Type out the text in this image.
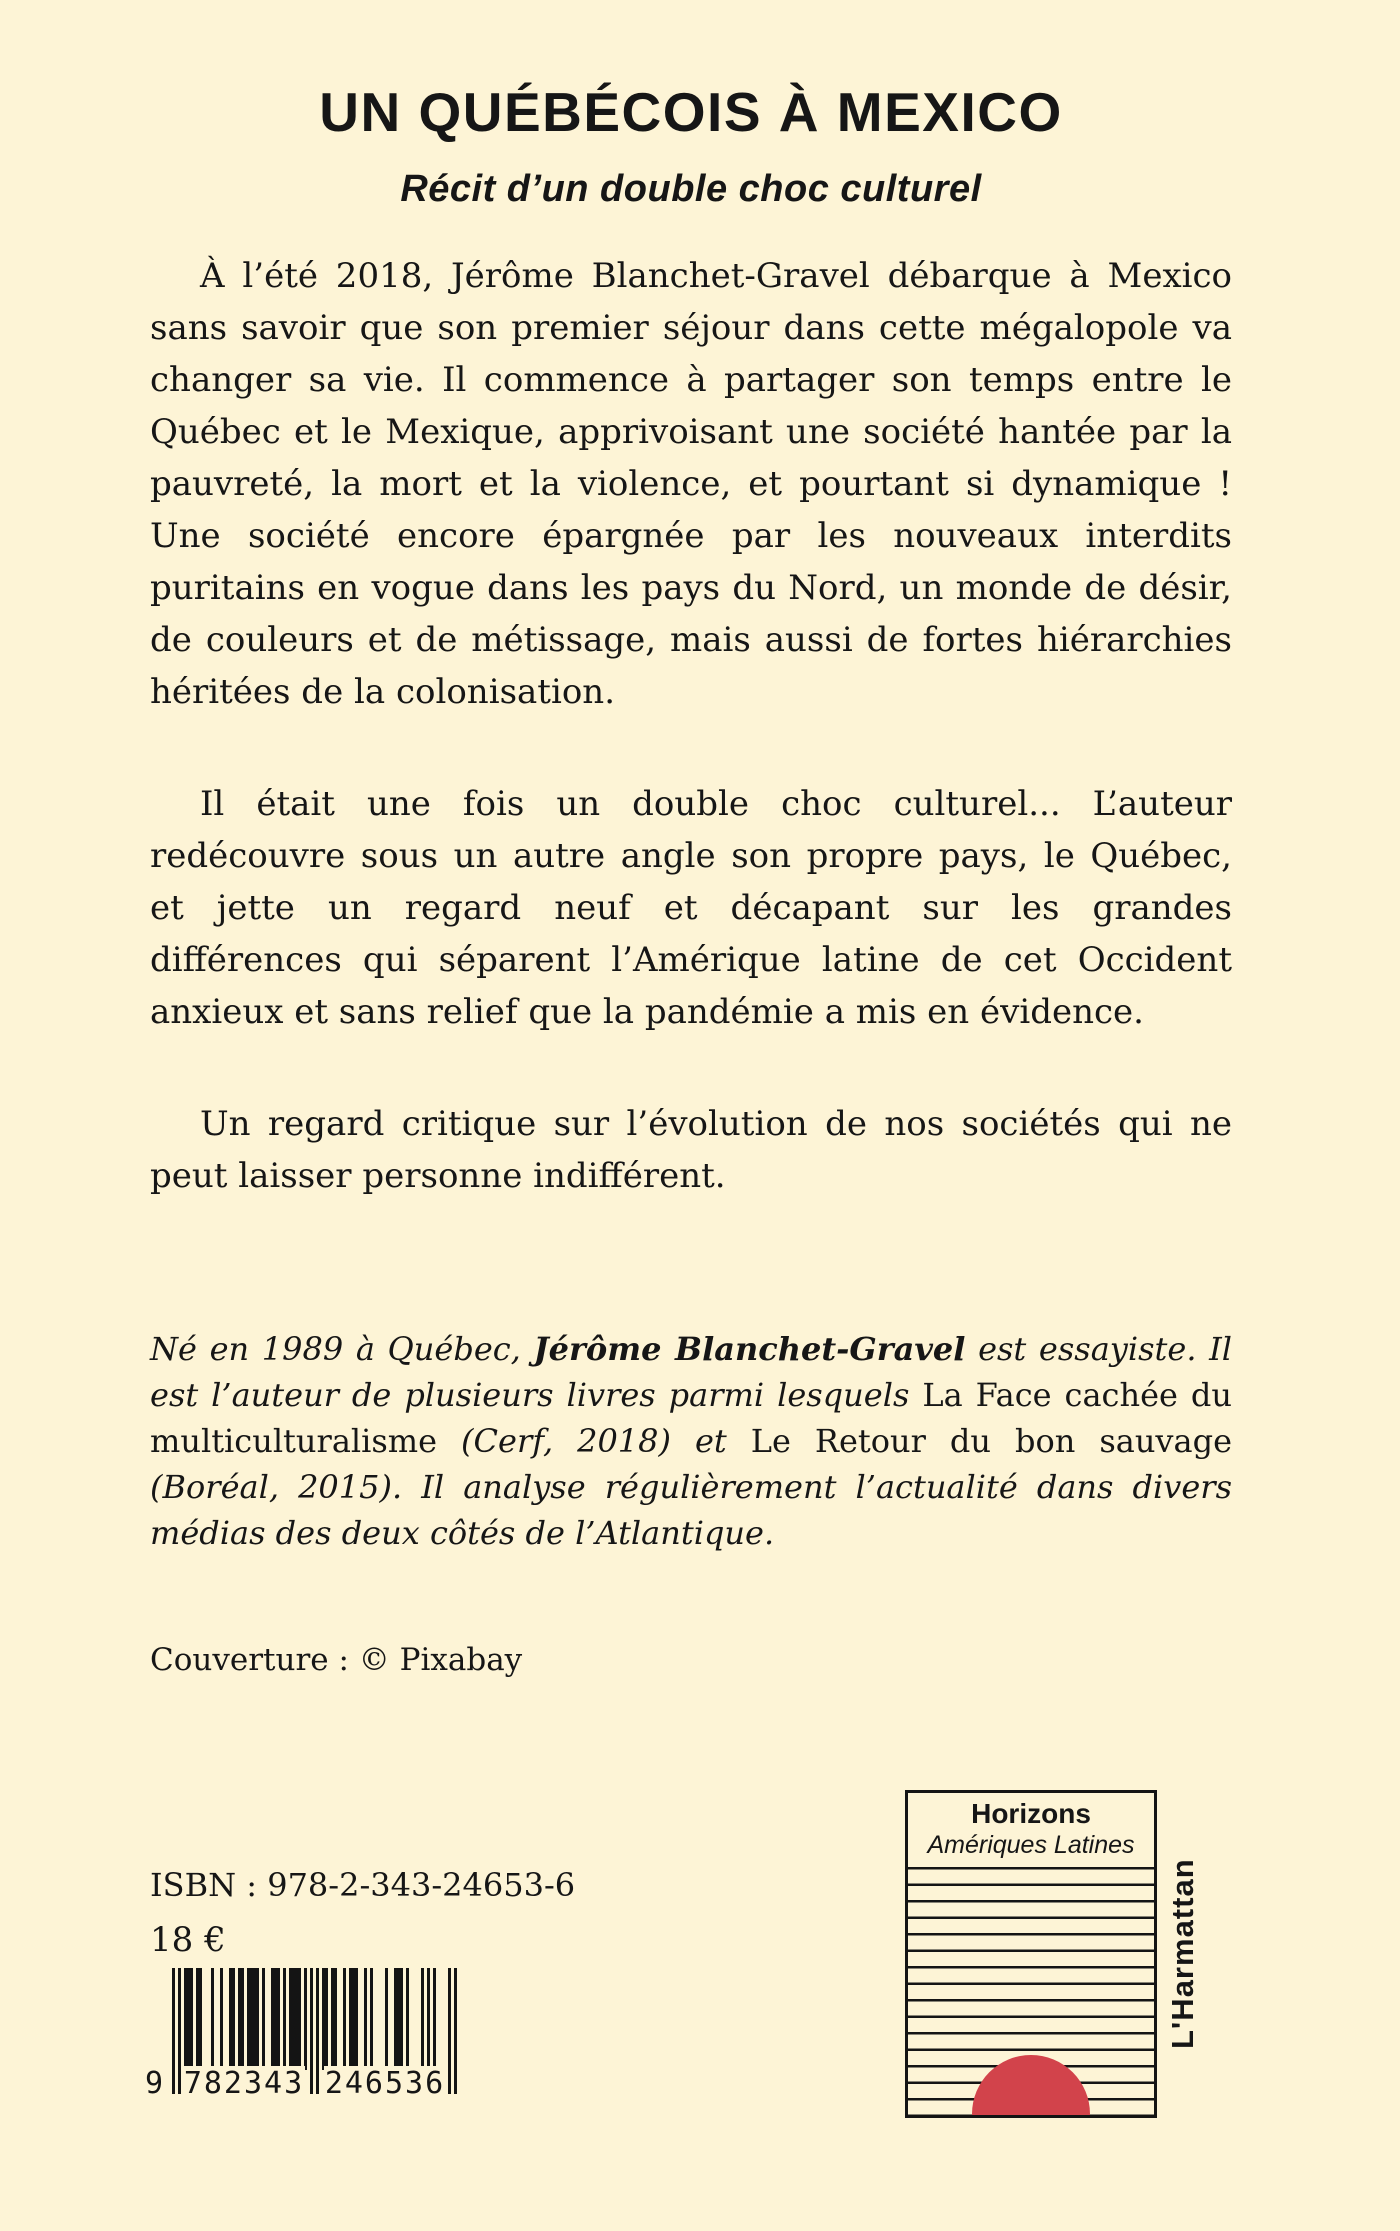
UN QUÉBÉCOIS À MEXICO
Récit d’un double choc culturel

À l’été 2018, Jérôme Blanchet-Gravel débarque à Mexico sans savoir que son premier séjour dans cette mégalopole va changer sa vie. Il commence à partager son temps entre le Québec et le Mexique, apprivoisant une société hantée par la pauvreté, la mort et la violence, et pourtant si dynamique ! Une société encore épargnée par les nouveaux interdits puritains en vogue dans les pays du Nord, un monde de désir, de couleurs et de métissage, mais aussi de fortes hiérarchies héritées de la colonisation.

Il était une fois un double choc culturel... L’auteur redécouvre sous un autre angle son propre pays, le Québec, et jette un regard neuf et décapant sur les grandes différences qui séparent l’Amérique latine de cet Occident anxieux et sans relief que la pandémie a mis en évidence.

Un regard critique sur l’évolution de nos sociétés qui ne peut laisser personne indifférent.

Né en 1989 à Québec, Jérôme Blanchet-Gravel est essayiste. Il est l’auteur de plusieurs livres parmi lesquels La Face cachée du multiculturalisme (Cerf, 2018) et Le Retour du bon sauvage (Boréal, 2015). Il analyse régulièrement l’actualité dans divers médias des deux côtés de l’Atlantique.

Couverture : © Pixabay
Horizons
Amériques Latines
L'Harmattan
ISBN : 978-2-343-24653-6
18 €
9 782343 246536
